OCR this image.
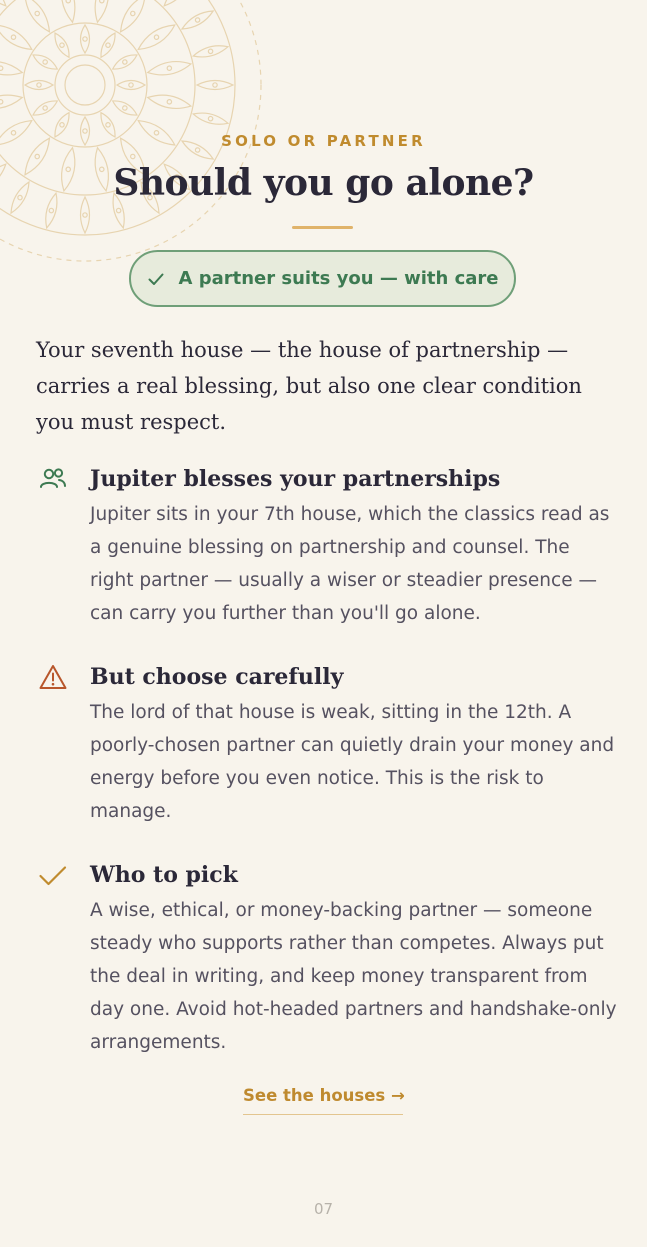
SOLO OR PARTNER
Should you go alone?
A partner suits you — with care

Your seventh house — the house of partnership — carries a real blessing, but also one clear condition you must respect.

Jupiter blesses your partnerships

Jupiter sits in your 7th house, which the classics read as a genuine blessing on partnership and counsel. The right partner — usually a wiser or steadier presence — can carry you further than you'll go alone.

But choose carefully

The lord of that house is weak, sitting in the 12th. A poorly-chosen partner can quietly drain your money and energy before you even notice. This is the risk to manage.

Who to pick

A wise, ethical, or money-backing partner — someone steady who supports rather than competes. Always put the deal in writing, and keep money transparent from day one. Avoid hot-headed partners and handshake-only arrangements.

See the houses →
07
